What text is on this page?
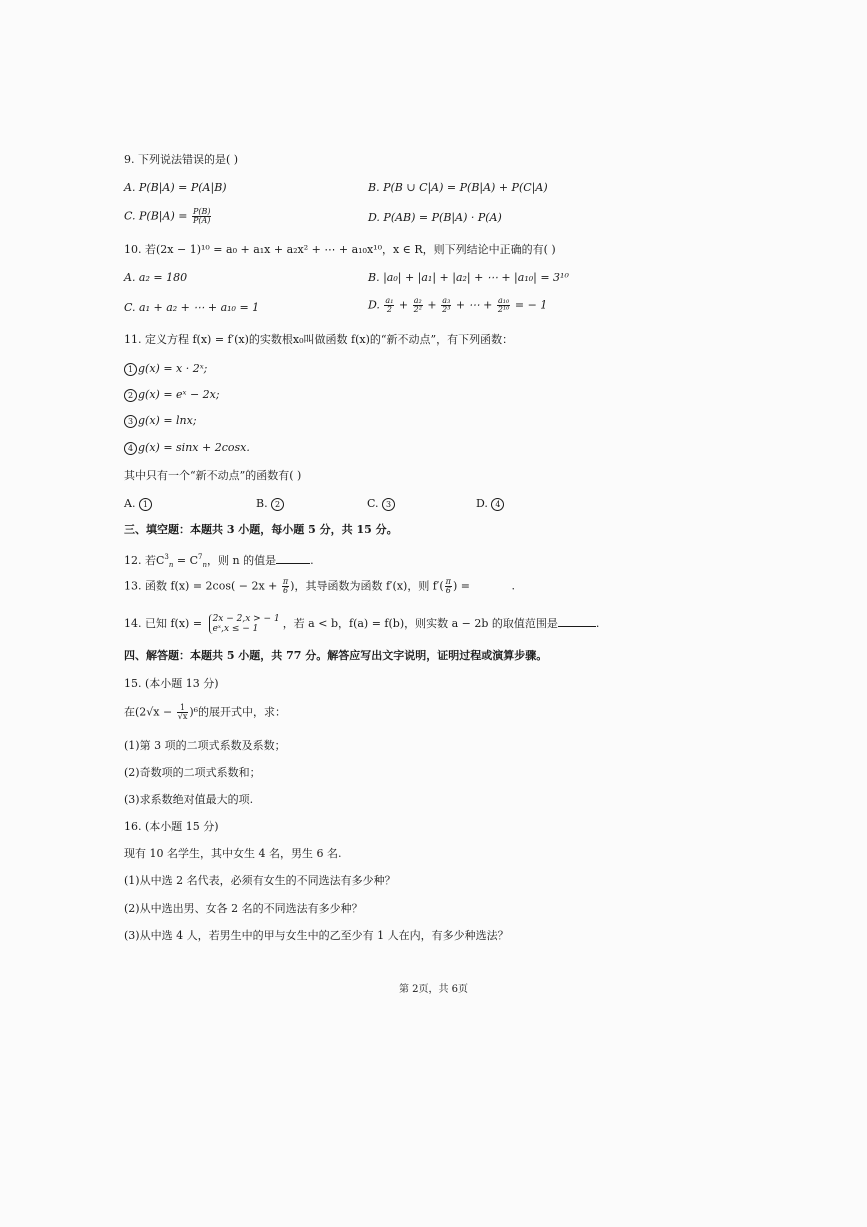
9. 下列说法错误的是( )
A. P(B|A) = P(A|B)	B. P(B ∪ C|A) = P(B|A) + P(C|A)
C. $P(B|A) = \frac{P(B)}{P(A)}$	D. P(AB) = P(B|A) · P(A)
10. 若(2x − 1)¹⁰ = a₀ + a₁x + a₂x² + ⋯ + a₁₀x¹⁰，x ∈ R，则下列结论中正确的有( )
A. a₂ = 180	B. |a₀| + |a₁| + |a₂| + ⋯ + |a₁₀| = 3¹⁰
C. a₁ + a₂ + ⋯ + a₁₀ = 1	D. $\frac{\text{a₁}}{2} + \frac{\text{a₂}}{\text{2²}} + \frac{\text{a₃}}{\text{2³}}$ + ⋯ + $\frac{\text{a₁₀}}{\text{2¹⁰}}$ = − 1
11. 定义方程 f(x) = f′(x)的实数根x₀叫做函数 f(x)的“新不动点”，有下列函数：
1 g(x) = x · 2ˣ;
2 g(x) = eˣ − 2x;
3 g(x) = lnx;
4 g(x) = sinx + 2cosx.
其中只有一个“新不动点”的函数有( )
A. 1	B. 2	C. 3	D. 4
三、填空题：本题共 3 小题，每小题 5 分，共 15 分。
12. 若$C^3_n = C^7_n$，则 n 的值是	.
13. 函数 $f(x) = 2\cos( - 2x + \frac{\pi}{6}$ )，其导函数为函数 f′(x)，则 $f'( \frac{\pi}{6}$ ) =	.
14. 已知 f(x) = 2x − 2,x > − 1
eˣ,x ≤ − 1	，若 a < b，f(a) = f(b)，则实数 a − 2b 的取值范围是	.
四、解答题：本题共 5 小题，共 77 分。解答应写出文字说明，证明过程或演算步骤。
15. (本小题 13 分)
在$(2√x - \frac{1}{√x} )^6$的展开式中，求：
(1)第 3 项的二项式系数及系数；
(2)奇数项的二项式系数和；
(3)求系数绝对值最大的项.
16. (本小题 15 分)
现有 10 名学生，其中女生 4 名，男生 6 名.
(1)从中选 2 名代表，必须有女生的不同选法有多少种？
(2)从中选出男、女各 2 名的不同选法有多少种？
(3)从中选 4 人，若男生中的甲与女生中的乙至少有 1 人在内，有多少种选法？
第 2页，共 6页
